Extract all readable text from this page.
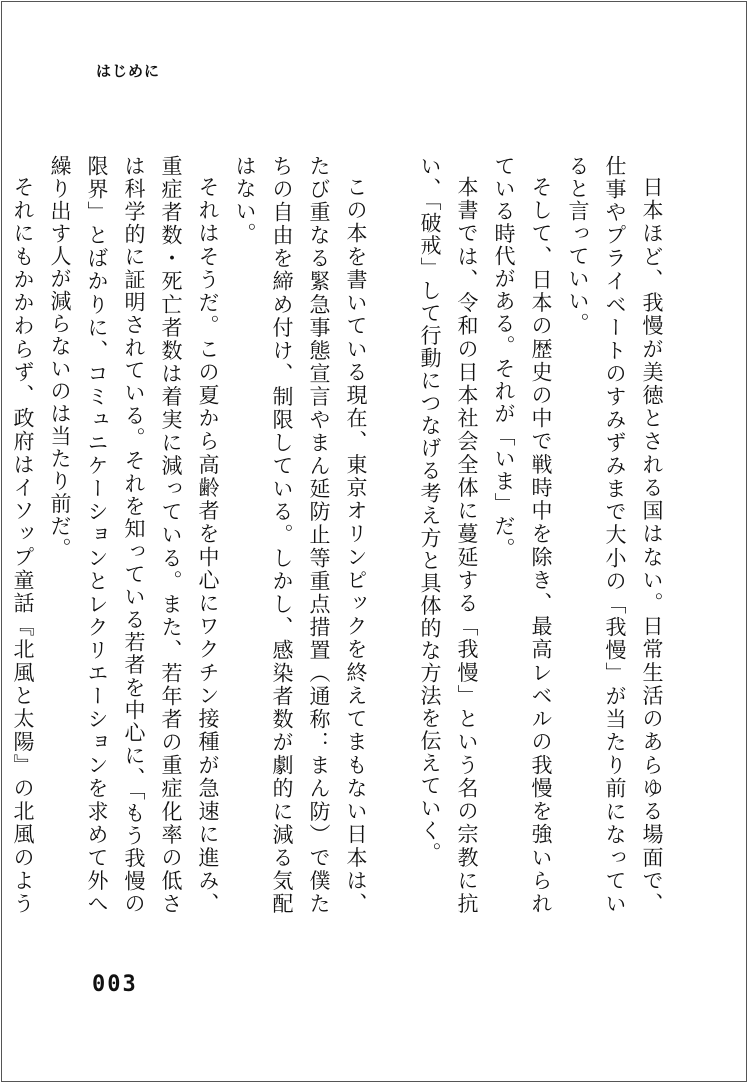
はじめに

日本ほど、我慢が美徳とされる国はない。日常生活のあらゆる場面で、仕事やプライベートのすみずみまで大小の「我慢」が当たり前になっていると言っていい。

そして、日本の歴史の中で戦時中を除き、最高レベルの我慢を強いられている時代がある。それが「いま」だ。

本書では、令和の日本社会全体に蔓延する「我慢」という名の宗教に抗い、「破戒」して行動につなげる考え方と具体的な方法を伝えていく。

この本を書いている現在、東京オリンピックを終えてまもない日本は、たび重なる緊急事態宣言やまん延防止等重点措置（通称：まん防）で僕たちの自由を締め付け、制限している。しかし、感染者数が劇的に減る気配はない。

それはそうだ。この夏から高齢者を中心にワクチン接種が急速に進み、重症者数・死亡者数は着実に減っている。また、若年者の重症化率の低さは科学的に証明されている。それを知っている若者を中心に、「もう我慢の限界」とばかりに、コミュニケーションとレクリエーションを求めて外へ繰り出す人が減らないのは当たり前だ。

それにもかかわらず、政府はイソップ童話『北風と太陽』の北風のよう

003
